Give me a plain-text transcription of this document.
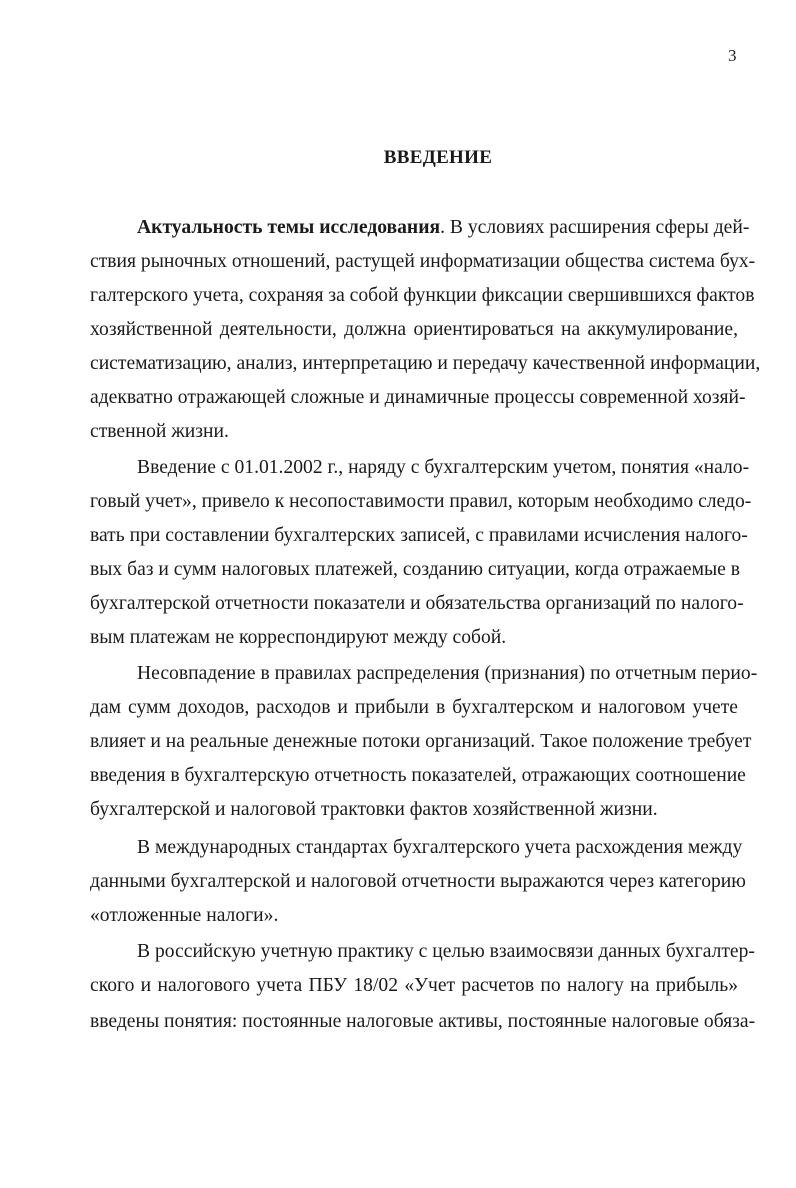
3
ВВЕДЕНИЕ
Актуальность темы исследования. В условиях расширения сферы дей-
ствия рыночных отношений, растущей информатизации общества система бух-
галтерского учета, сохраняя за собой функции фиксации свершившихся фактов
хозяйственной деятельности, должна ориентироваться на аккумулирование,
систематизацию, анализ, интерпретацию и передачу качественной информации,
адекватно отражающей сложные и динамичные процессы современной хозяй-
ственной жизни.
Введение с 01.01.2002 г., наряду с бухгалтерским учетом, понятия «нало-
говый учет», привело к несопоставимости правил, которым необходимо следо-
вать при составлении бухгалтерских записей, с правилами исчисления налого-
вых баз и сумм налоговых платежей, созданию ситуации, когда отражаемые в
бухгалтерской отчетности показатели и обязательства организаций по налого-
вым платежам не корреспондируют между собой.
Несовпадение в правилах распределения (признания) по отчетным перио-
дам сумм доходов, расходов и прибыли в бухгалтерском и налоговом учете
влияет и на реальные денежные потоки организаций. Такое положение требует
введения в бухгалтерскую отчетность показателей, отражающих соотношение
бухгалтерской и налоговой трактовки фактов хозяйственной жизни.
В международных стандартах бухгалтерского учета расхождения между
данными бухгалтерской и налоговой отчетности выражаются через категорию
«отложенные налоги».
В российскую учетную практику с целью взаимосвязи данных бухгалтер-
ского и налогового учета ПБУ 18/02 «Учет расчетов по налогу на прибыль»
введены понятия: постоянные налоговые активы, постоянные налоговые обяза-
